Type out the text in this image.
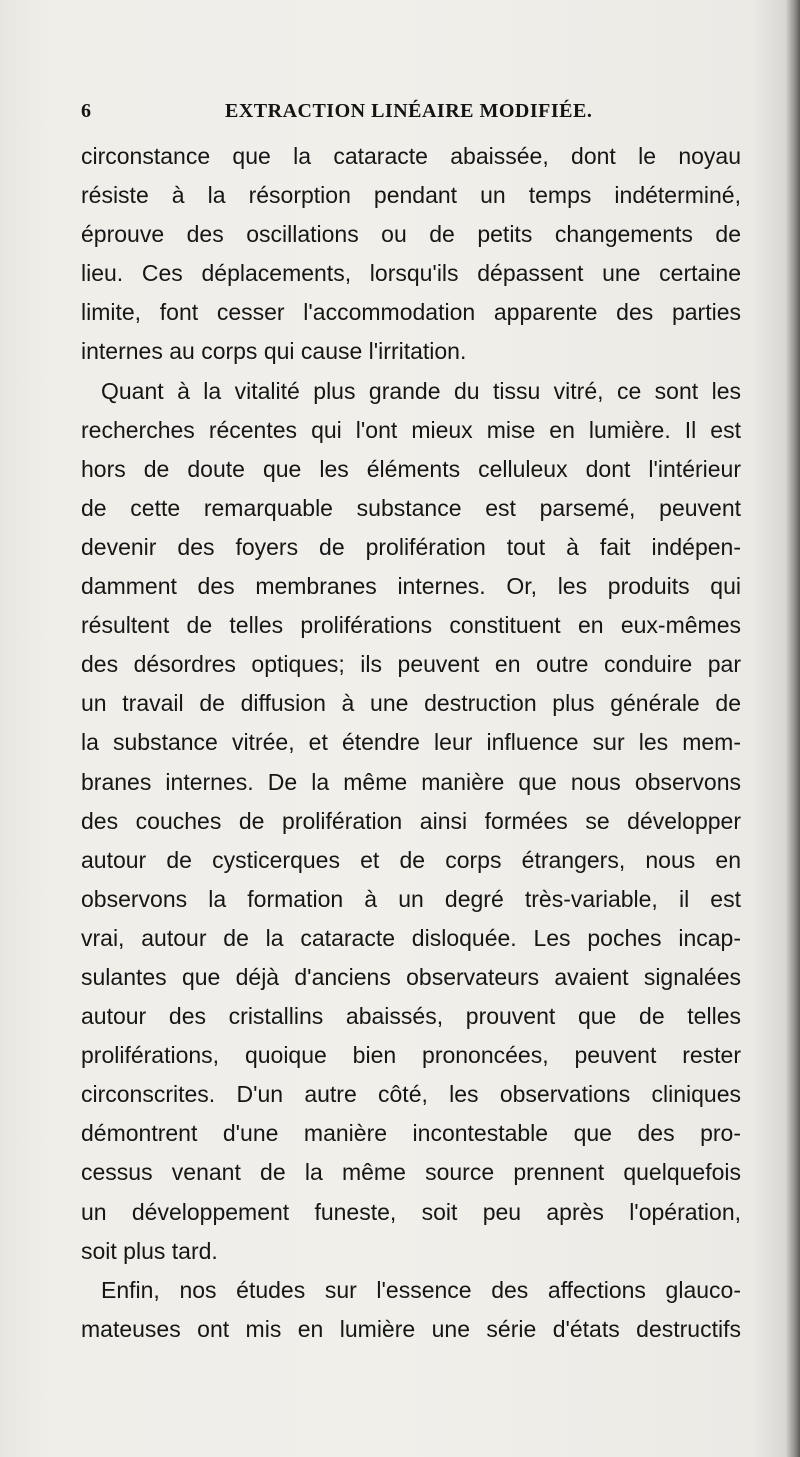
6	EXTRACTION LINÉAIRE MODIFIÉE.
circonstance que la cataracte abaissée, dont le noyau
résiste à la résorption pendant un temps indéterminé,
éprouve des oscillations ou de petits changements de
lieu. Ces déplacements, lorsqu'ils dépassent une certaine
limite, font cesser l'accommodation apparente des parties
internes au corps qui cause l'irritation.
Quant à la vitalité plus grande du tissu vitré, ce sont les
recherches récentes qui l'ont mieux mise en lumière. Il est
hors de doute que les éléments celluleux dont l'intérieur
de cette remarquable substance est parsemé, peuvent
devenir des foyers de prolifération tout à fait indépen-
damment des membranes internes. Or, les produits qui
résultent de telles proliférations constituent en eux-mêmes
des désordres optiques; ils peuvent en outre conduire par
un travail de diffusion à une destruction plus générale de
la substance vitrée, et étendre leur influence sur les mem-
branes internes. De la même manière que nous observons
des couches de prolifération ainsi formées se développer
autour de cysticerques et de corps étrangers, nous en
observons la formation à un degré très-variable, il est
vrai, autour de la cataracte disloquée. Les poches incap-
sulantes que déjà d'anciens observateurs avaient signalées
autour des cristallins abaissés, prouvent que de telles
proliférations, quoique bien prononcées, peuvent rester
circonscrites. D'un autre côté, les observations cliniques
démontrent d'une manière incontestable que des pro-
cessus venant de la même source prennent quelquefois
un développement funeste, soit peu après l'opération,
soit plus tard.
Enfin, nos études sur l'essence des affections glauco-
mateuses ont mis en lumière une série d'états destructifs
